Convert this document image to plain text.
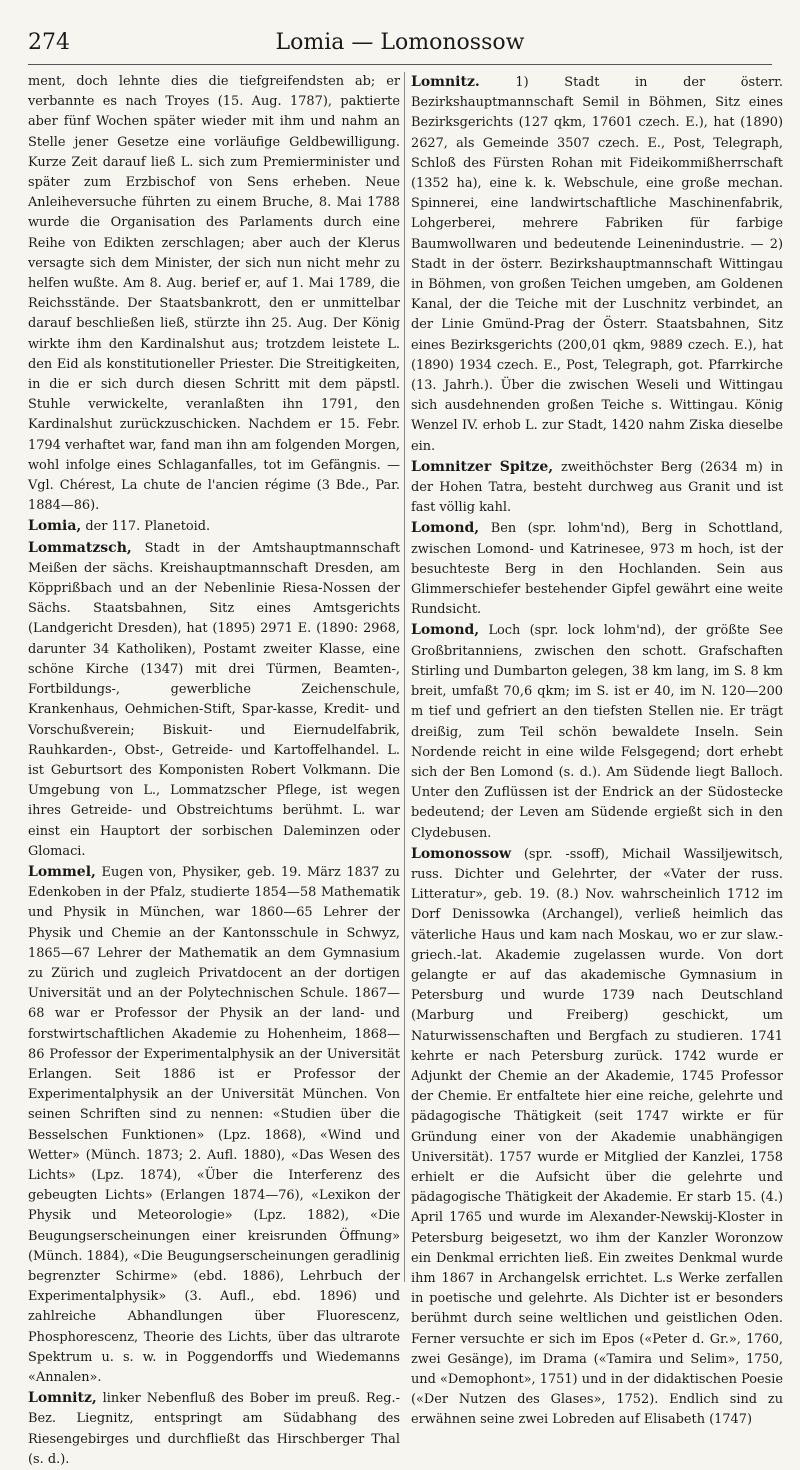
274	Lomia — Lomonossow

ment, doch lehnte dies die tiefgreifendsten ab; er verbannte es nach Troyes (15. Aug. 1787), paktierte aber fünf Wochen später wieder mit ihm und nahm an Stelle jener Gesetze eine vorläufige Geldbewilligung. Kurze Zeit darauf ließ L. sich zum Premierminister und später zum Erzbischof von Sens erheben. Neue Anleiheversuche führten zu einem Bruche, 8. Mai 1788 wurde die Organisation des Parlaments durch eine Reihe von Edikten zerschlagen; aber auch der Klerus versagte sich dem Minister, der sich nun nicht mehr zu helfen wußte. Am 8. Aug. berief er, auf 1. Mai 1789, die Reichsstände. Der Staatsbankrott, den er unmittelbar darauf beschließen ließ, stürzte ihn 25. Aug. Der König wirkte ihm den Kardinalshut aus; trotzdem leistete L. den Eid als konstitutioneller Priester. Die Streitigkeiten, in die er sich durch diesen Schritt mit dem päpstl. Stuhle verwickelte, veranlaßten ihn 1791, den Kardinalshut zurückzuschicken. Nachdem er 15. Febr. 1794 verhaftet war, fand man ihn am folgenden Morgen, wohl infolge eines Schlaganfalles, tot im Gefängnis. — Vgl. Chérest, La chute de l'ancien régime (3 Bde., Par. 1884—86).

Lomia, der 117. Planetoid.

Lommatzsch, Stadt in der Amtshauptmannschaft Meißen der sächs. Kreishauptmannschaft Dresden, am Köpprißbach und an der Nebenlinie Riesa-Nossen der Sächs. Staatsbahnen, Sitz eines Amtsgerichts (Landgericht Dresden), hat (1895) 2971 E. (1890: 2968, darunter 34 Katholiken), Postamt zweiter Klasse, eine schöne Kirche (1347) mit drei Türmen, Beamten-, Fortbildungs-, gewerbliche Zeichenschule, Krankenhaus, Oehmichen-Stift, Spar-kasse, Kredit- und Vorschußverein; Biskuit- und Eiernudelfabrik, Rauhkarden-, Obst-, Getreide- und Kartoffelhandel. L. ist Geburtsort des Komponisten Robert Volkmann. Die Umgebung von L., Lommatzscher Pflege, ist wegen ihres Getreide- und Obstreichtums berühmt. L. war einst ein Hauptort der sorbischen Daleminzen oder Glomaci.

Lommel, Eugen von, Physiker, geb. 19. März 1837 zu Edenkoben in der Pfalz, studierte 1854—58 Mathematik und Physik in München, war 1860—65 Lehrer der Physik und Chemie an der Kantonsschule in Schwyz, 1865—67 Lehrer der Mathematik an dem Gymnasium zu Zürich und zugleich Privatdocent an der dortigen Universität und an der Polytechnischen Schule. 1867—68 war er Professor der Physik an der land- und forstwirtschaftlichen Akademie zu Hohenheim, 1868—86 Professor der Experimentalphysik an der Universität Erlangen. Seit 1886 ist er Professor der Experimentalphysik an der Universität München. Von seinen Schriften sind zu nennen: «Studien über die Besselschen Funktionen» (Lpz. 1868), «Wind und Wetter» (Münch. 1873; 2. Aufl. 1880), «Das Wesen des Lichts» (Lpz. 1874), «Über die Interferenz des gebeugten Lichts» (Erlangen 1874—76), «Lexikon der Physik und Meteorologie» (Lpz. 1882), «Die Beugungserscheinungen einer kreisrunden Öffnung» (Münch. 1884), «Die Beugungserscheinungen geradlinig begrenzter Schirme» (ebd. 1886), Lehrbuch der Experimentalphysik» (3. Aufl., ebd. 1896) und zahlreiche Abhandlungen über Fluorescenz, Phosphorescenz, Theorie des Lichts, über das ultrarote Spektrum u. s. w. in Poggendorffs und Wiedemanns «Annalen».

Lomnitz, linker Nebenfluß des Bober im preuß. Reg.-Bez. Liegnitz, entspringt am Südabhang des Riesengebirges und durchfließt das Hirschberger Thal (s. d.).

Lomnitz. 1) Stadt in der österr. Bezirkshauptmannschaft Semil in Böhmen, Sitz eines Bezirksgerichts (127 qkm, 17601 czech. E.), hat (1890) 2627, als Gemeinde 3507 czech. E., Post, Telegraph, Schloß des Fürsten Rohan mit Fideikommißherrschaft (1352 ha), eine k. k. Webschule, eine große mechan. Spinnerei, eine landwirtschaftliche Maschinenfabrik, Lohgerberei, mehrere Fabriken für farbige Baumwollwaren und bedeutende Leinenindustrie. — 2) Stadt in der österr. Bezirkshauptmannschaft Wittingau in Böhmen, von großen Teichen umgeben, am Goldenen Kanal, der die Teiche mit der Luschnitz verbindet, an der Linie Gmünd-Prag der Österr. Staatsbahnen, Sitz eines Bezirksgerichts (200,01 qkm, 9889 czech. E.), hat (1890) 1934 czech. E., Post, Telegraph, got. Pfarrkirche (13. Jahrh.). Über die zwischen Weseli und Wittingau sich ausdehnenden großen Teiche s. Wittingau. König Wenzel IV. erhob L. zur Stadt, 1420 nahm Ziska dieselbe ein.

Lomnitzer Spitze, zweithöchster Berg (2634 m) in der Hohen Tatra, besteht durchweg aus Granit und ist fast völlig kahl.

Lomond, Ben (spr. lohm'nd), Berg in Schottland, zwischen Lomond- und Katrinesee, 973 m hoch, ist der besuchteste Berg in den Hochlanden. Sein aus Glimmerschiefer bestehender Gipfel gewährt eine weite Rundsicht.

Lomond, Loch (spr. lock lohm'nd), der größte See Großbritanniens, zwischen den schott. Grafschaften Stirling und Dumbarton gelegen, 38 km lang, im S. 8 km breit, umfaßt 70,6 qkm; im S. ist er 40, im N. 120—200 m tief und gefriert an den tiefsten Stellen nie. Er trägt dreißig, zum Teil schön bewaldete Inseln. Sein Nordende reicht in eine wilde Felsgegend; dort erhebt sich der Ben Lomond (s. d.). Am Südende liegt Balloch. Unter den Zuflüssen ist der Endrick an der Südostecke bedeutend; der Leven am Südende ergießt sich in den Clydebusen.

Lomonossow (spr. -ssoff), Michail Wassiljewitsch, russ. Dichter und Gelehrter, der «Vater der russ. Litteratur», geb. 19. (8.) Nov. wahrscheinlich 1712 im Dorf Denissowka (Archangel), verließ heimlich das väterliche Haus und kam nach Moskau, wo er zur slaw.-griech.-lat. Akademie zugelassen wurde. Von dort gelangte er auf das akademische Gymnasium in Petersburg und wurde 1739 nach Deutschland (Marburg und Freiberg) geschickt, um Naturwissenschaften und Bergfach zu studieren. 1741 kehrte er nach Petersburg zurück. 1742 wurde er Adjunkt der Chemie an der Akademie, 1745 Professor der Chemie. Er entfaltete hier eine reiche, gelehrte und pädagogische Thätigkeit (seit 1747 wirkte er für Gründung einer von der Akademie unabhängigen Universität). 1757 wurde er Mitglied der Kanzlei, 1758 erhielt er die Aufsicht über die gelehrte und pädagogische Thätigkeit der Akademie. Er starb 15. (4.) April 1765 und wurde im Alexander-Newskij-Kloster in Petersburg beigesetzt, wo ihm der Kanzler Woronzow ein Denkmal errichten ließ. Ein zweites Denkmal wurde ihm 1867 in Archangelsk errichtet. L.s Werke zerfallen in poetische und gelehrte. Als Dichter ist er besonders berühmt durch seine weltlichen und geistlichen Oden. Ferner versuchte er sich im Epos («Peter d. Gr.», 1760, zwei Gesänge), im Drama («Tamira und Selim», 1750, und «Demophont», 1751) und in der didaktischen Poesie («Der Nutzen des Glases», 1752). Endlich sind zu erwähnen seine zwei Lobreden auf Elisabeth (1747)
